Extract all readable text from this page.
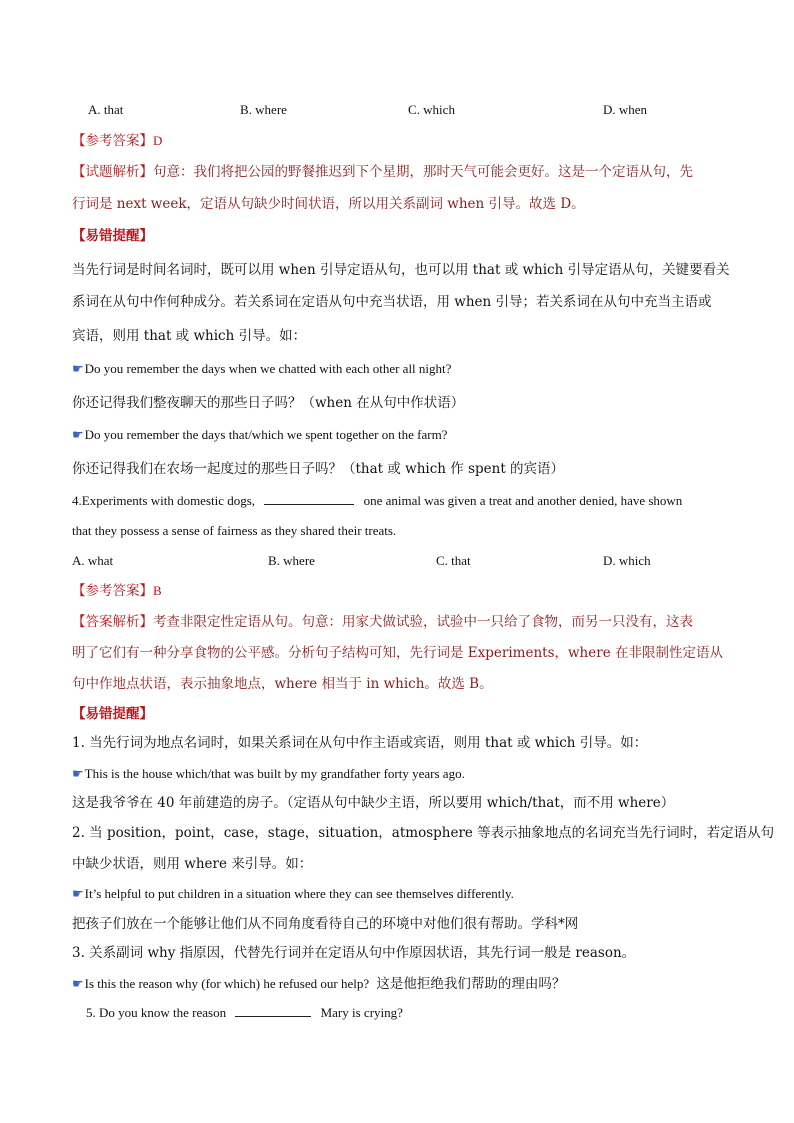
A. that	B. where	C. which	D. when
【参考答案】D
【试题解析】句意：我们将把公园的野餐推迟到下个星期，那时天气可能会更好。这是一个定语从句，先
行词是 next week，定语从句缺少时间状语，所以用关系副词 when 引导。故选 D。
【易错提醒】
当先行词是时间名词时，既可以用 when 引导定语从句，也可以用 that 或 which 引导定语从句，关键要看关
系词在从句中作何种成分。若关系词在定语从句中充当状语，用 when 引导；若关系词在从句中充当主语或
宾语，则用 that 或 which 引导。如：
☛Do you remember the days when we chatted with each other all night?
你还记得我们整夜聊天的那些日子吗？（when 在从句中作状语）
☛Do you remember the days that/which we spent together on the farm?
你还记得我们在农场一起度过的那些日子吗？（that 或 which 作 spent 的宾语）
4.Experiments with domestic dogs,	one animal was given a treat and another denied, have shown
that they possess a sense of fairness as they shared their treats.
A. what	B. where	C. that	D. which
【参考答案】B
【答案解析】考查非限定性定语从句。句意：用家犬做试验，试验中一只给了食物，而另一只没有，这表
明了它们有一种分享食物的公平感。分析句子结构可知，先行词是 Experiments，where 在非限制性定语从
句中作地点状语，表示抽象地点，where 相当于 in which。故选 B。
【易错提醒】
1. 当先行词为地点名词时，如果关系词在从句中作主语或宾语，则用 that 或 which 引导。如：
☛This is the house which/that was built by my grandfather forty years ago.
这是我爷爷在 40 年前建造的房子。（定语从句中缺少主语，所以要用 which/that，而不用 where）
2. 当 position，point，case，stage，situation，atmosphere 等表示抽象地点的名词充当先行词时，若定语从句
中缺少状语，则用 where 来引导。如：
☛It’s helpful to put children in a situation where they can see themselves differently.
把孩子们放在一个能够让他们从不同角度看待自己的环境中对他们很有帮助。学科*网
3. 关系副词 why 指原因，代替先行词并在定语从句中作原因状语，其先行词一般是 reason。
☛Is this the reason why (for which) he refused our help? 这是他拒绝我们帮助的理由吗？
5. Do you know the reason	Mary is crying?
